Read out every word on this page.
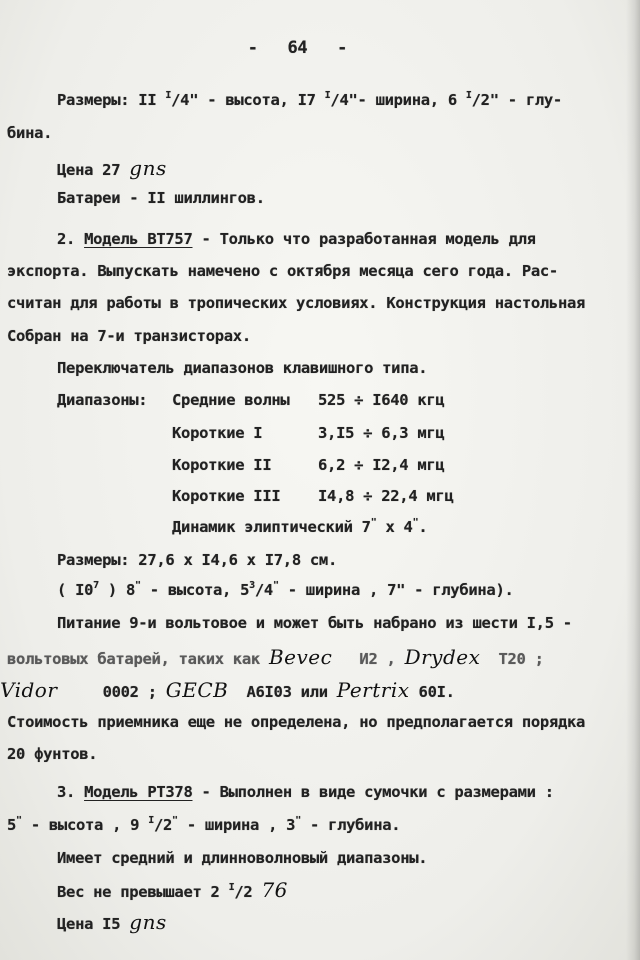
-   64   -

Размеры: II $^I$/4" - высота, I7 $^I$/4"- ширина, 6 $^I$/2" - глу-
бина.
Цена 27 gns
Батареи - II шиллингов.
2. Модель BT757 - Только что разработанная модель для
экспорта. Выпускать намечено с октября месяца сего года. Рас-
считан для работы в тропических условиях. Конструкция настольная
Собран на 7-и транзисторах.
Переключатель диапазонов клавишного типа.
Диапазоны: Средние волны 525 ÷ I640 кгц
Короткие I	3,I5 ÷ 6,3 мгц
Короткие II	6,2 ÷ I2,4 мгц
Короткие III I4,8 ÷ 22,4 мгц
Динамик элиптический 7" x 4".
Размеры: 27,6 x I4,6 x I7,8 см.
( $I0^7$ ) 8" - высота, $5^3/4^"$ - ширина , 7" - глубина).
Питание 9-и вольтовое и может быть набрано из шести I,5 -
вольтовых батарей, таких как Bevec   И2 , Drydex  T20 ;
Vidor     0002 ; GECB  A6I03 или Pertrix 60I.
Стоимость приемника еще не определена, но предполагается порядка
20 фунтов.
3. Модель PT378 - Выполнен в виде сумочки с размерами :
5" - высота , 9 $^I$/2" - ширина , 3" - глубина.
Имеет средний и длинноволновый диапазоны.
Вес не превышает 2 $^I$/2 76
Цена I5 gns
